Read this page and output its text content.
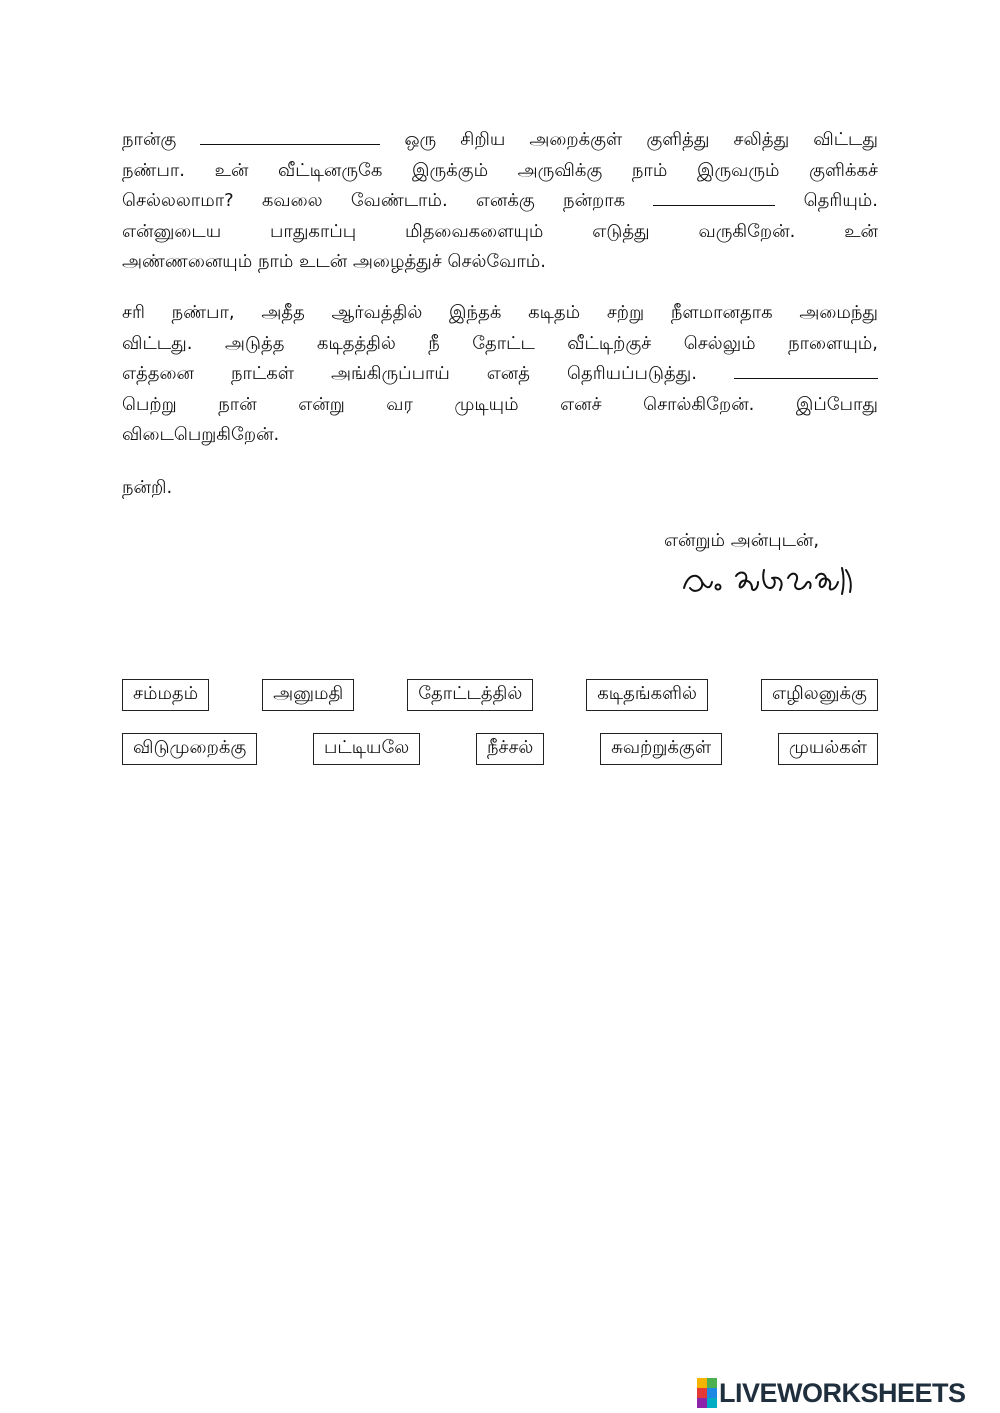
நான்கு	ஒரு சிறிய அறைக்குள் குளித்து சலித்து விட்டது
நண்பா. உன் வீட்டினருகே இருக்கும் அருவிக்கு நாம் இருவரும் குளிக்கச்
செல்லலாமா? கவலை வேண்டாம். எனக்கு நன்றாக	தெரியும்.
என்னுடைய	பாதுகாப்பு	மிதவைகளையும்	எடுத்து	வருகிறேன்.	உன்
அண்ணனையும் நாம் உடன் அழைத்துச் செல்வோம்.
சரி நண்பா, அதீத ஆர்வத்தில் இந்தக் கடிதம் சற்று நீளமானதாக அமைந்து
விட்டது. அடுத்த கடிதத்தில் நீ தோட்ட வீட்டிற்குச் செல்லும் நாளையும்,
எத்தனை நாட்கள் அங்கிருப்பாய் எனத் தெரியப்படுத்து.
பெற்று நான் என்று வர முடியும் எனச் சொல்கிறேன். இப்போது
விடைபெறுகிறேன்.
நன்றி.
என்றும் அன்புடன்,
சம்மதம்	அனுமதி	தோட்டத்தில்	கடிதங்களில்	எழிலனுக்கு
விடுமுறைக்கு	பட்டியலே	நீச்சல்	சுவற்றுக்குள்	முயல்கள்
LIVEWORKSHEETS
